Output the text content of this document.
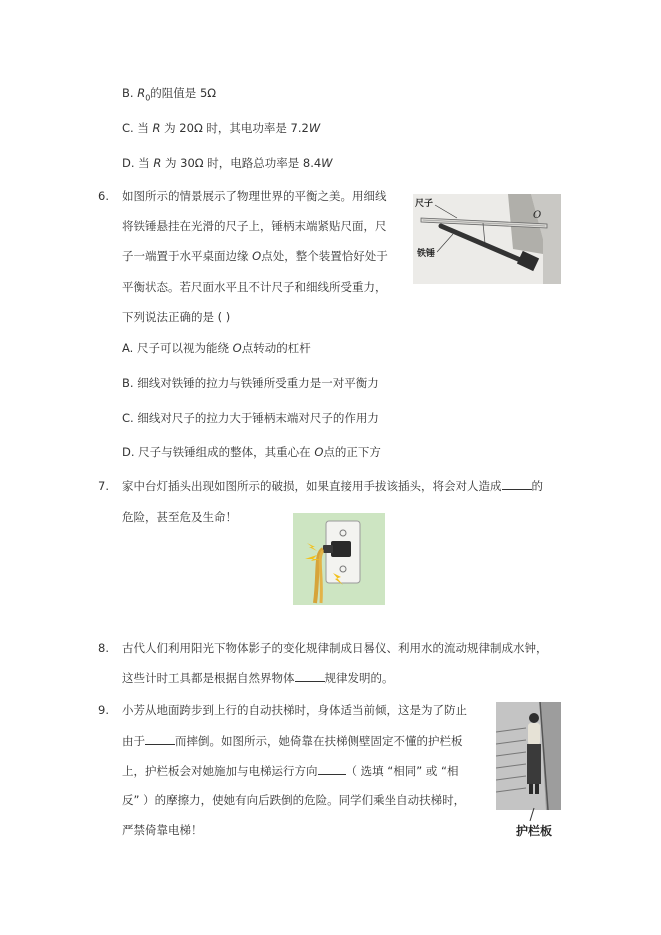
B. $R_0$的阻值是 5Ω
C. 当 R 为 20Ω 时，其电功率是 7.2W
D. 当 R 为 30Ω 时，电路总功率是 8.4W
6. 如图所示的情景展示了物理世界的平衡之美。用细线
将铁锤悬挂在光滑的尺子上，锤柄末端紧贴尺面，尺
子一端置于水平桌面边缘 O点处，整个装置恰好处于
平衡状态。若尺面水平且不计尺子和细线所受重力，
下列说法正确的是 ( )
尺子
O
铁锤
A. 尺子可以视为能绕 O点转动的杠杆
B. 细线对铁锤的拉力与铁锤所受重力是一对平衡力
C. 细线对尺子的拉力大于锤柄末端对尺子的作用力
D. 尺子与铁锤组成的整体，其重心在 O点的正下方
7. 家中台灯插头出现如图所示的破损，如果直接用手拔该插头，将会对人造成	的
危险，甚至危及生命！
8. 古代人们利用阳光下物体影子的变化规律制成日晷仪、利用水的流动规律制成水钟，
这些计时工具都是根据自然界物体	规律发明的。
9. 小芳从地面跨步到上行的自动扶梯时，身体适当前倾，这是为了防止
由于	而摔倒。如图所示，她倚靠在扶梯侧壁固定不懂的护栏板
上，护栏板会对她施加与电梯运行方向 （ 选填 “相同” 或 “相
反” ）的摩擦力，使她有向后跌倒的危险。同学们乘坐自动扶梯时，
严禁倚靠电梯！	护栏板
